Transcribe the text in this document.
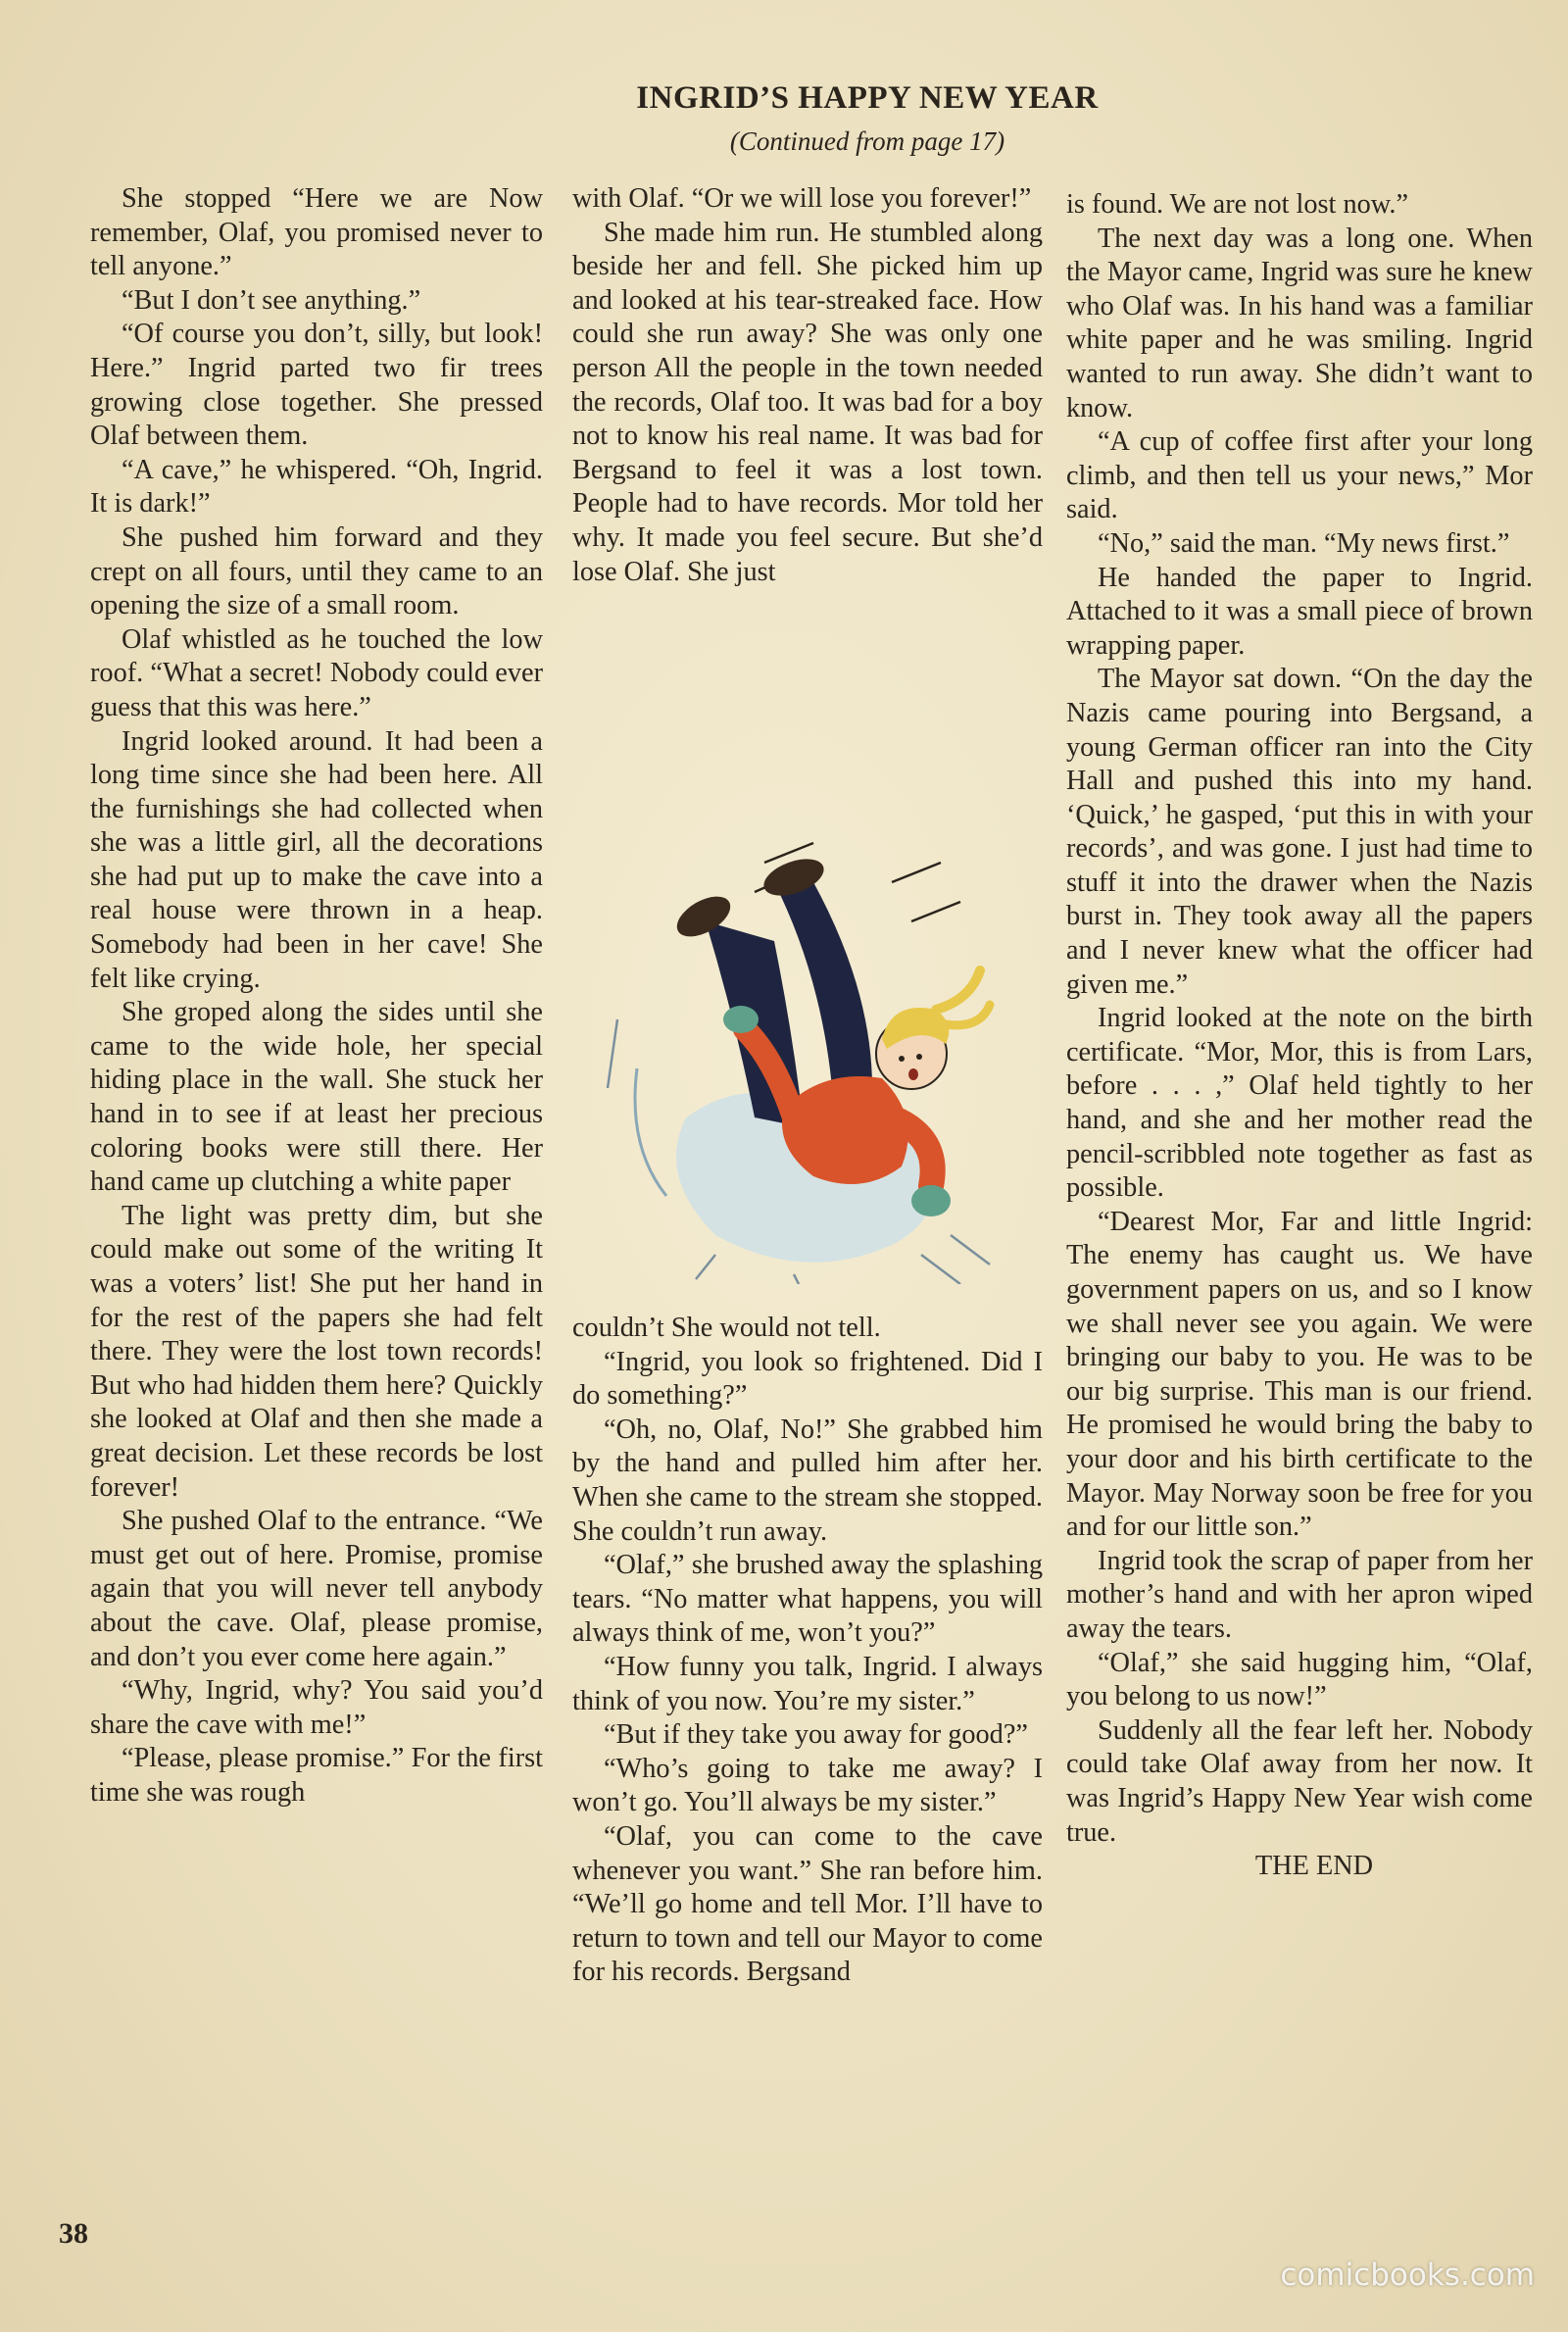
INGRID’S HAPPY NEW YEAR

(Continued from page 17)

She stopped “Here we are Now remember, Olaf, you promised never to tell anyone.”

“But I don’t see anything.”

“Of course you don’t, silly, but look! Here.” Ingrid parted two fir trees growing close together. She pressed Olaf between them.

“A cave,” he whispered. “Oh, Ingrid. It is dark!”

She pushed him forward and they crept on all fours, until they came to an opening the size of a small room.

Olaf whistled as he touched the low roof. “What a secret! Nobody could ever guess that this was here.”

Ingrid looked around. It had been a long time since she had been here. All the furnishings she had collected when she was a little girl, all the decorations she had put up to make the cave into a real house were thrown in a heap. Somebody had been in her cave! She felt like crying.

She groped along the sides until she came to the wide hole, her special hiding place in the wall. She stuck her hand in to see if at least her precious coloring books were still there. Her hand came up clutching a white paper

The light was pretty dim, but she could make out some of the writing It was a voters’ list! She put her hand in for the rest of the papers she had felt there. They were the lost town records! But who had hidden them here? Quickly she looked at Olaf and then she made a great decision. Let these records be lost forever!

She pushed Olaf to the entrance. “We must get out of here. Promise, promise again that you will never tell anybody about the cave. Olaf, please promise, and don’t you ever come here again.”

“Why, Ingrid, why? You said you’d share the cave with me!”

“Please, please promise.” For the first time she was rough

with Olaf. “Or we will lose you forever!”

She made him run. He stumbled along beside her and fell. She picked him up and looked at his tear-streaked face. How could she run away? She was only one person All the people in the town needed the records, Olaf too. It was bad for a boy not to know his real name. It was bad for Bergsand to feel it was a lost town. People had to have records. Mor told her why. It made you feel secure. But she’d lose Olaf. She just

couldn’t She would not tell.

“Ingrid, you look so frightened. Did I do something?”

“Oh, no, Olaf, No!” She grabbed him by the hand and pulled him after her. When she came to the stream she stopped. She couldn’t run away.

“Olaf,” she brushed away the splashing tears. “No matter what happens, you will always think of me, won’t you?”

“How funny you talk, Ingrid. I always think of you now. You’re my sister.”

“But if they take you away for good?”

“Who’s going to take me away? I won’t go. You’ll always be my sister.”

“Olaf, you can come to the cave whenever you want.” She ran before him. “We’ll go home and tell Mor. I’ll have to return to town and tell our Mayor to come for his records. Bergsand

is found. We are not lost now.”

The next day was a long one. When the Mayor came, Ingrid was sure he knew who Olaf was. In his hand was a familiar white paper and he was smiling. Ingrid wanted to run away. She didn’t want to know.

“A cup of coffee first after your long climb, and then tell us your news,” Mor said.

“No,” said the man. “My news first.”

He handed the paper to Ingrid. Attached to it was a small piece of brown wrapping paper.

The Mayor sat down. “On the day the Nazis came pouring into Bergsand, a young German officer ran into the City Hall and pushed this into my hand. ‘Quick,’ he gasped, ‘put this in with your records’, and was gone. I just had time to stuff it into the drawer when the Nazis burst in. They took away all the papers and I never knew what the officer had given me.”

Ingrid looked at the note on the birth certificate. “Mor, Mor, this is from Lars, before . . . ,” Olaf held tightly to her hand, and she and her mother read the pencil-scribbled note together as fast as possible.

“Dearest Mor, Far and little Ingrid: The enemy has caught us. We have government papers on us, and so I know we shall never see you again. We were bringing our baby to you. He was to be our big surprise. This man is our friend. He promised he would bring the baby to your door and his birth certificate to the Mayor. May Norway soon be free for you and for our little son.”

Ingrid took the scrap of paper from her mother’s hand and with her apron wiped away the tears.

“Olaf,” she said hugging him, “Olaf, you belong to us now!”

Suddenly all the fear left her. Nobody could take Olaf away from her now. It was Ingrid’s Happy New Year wish come true.

THE END

38
comicbooks.com
